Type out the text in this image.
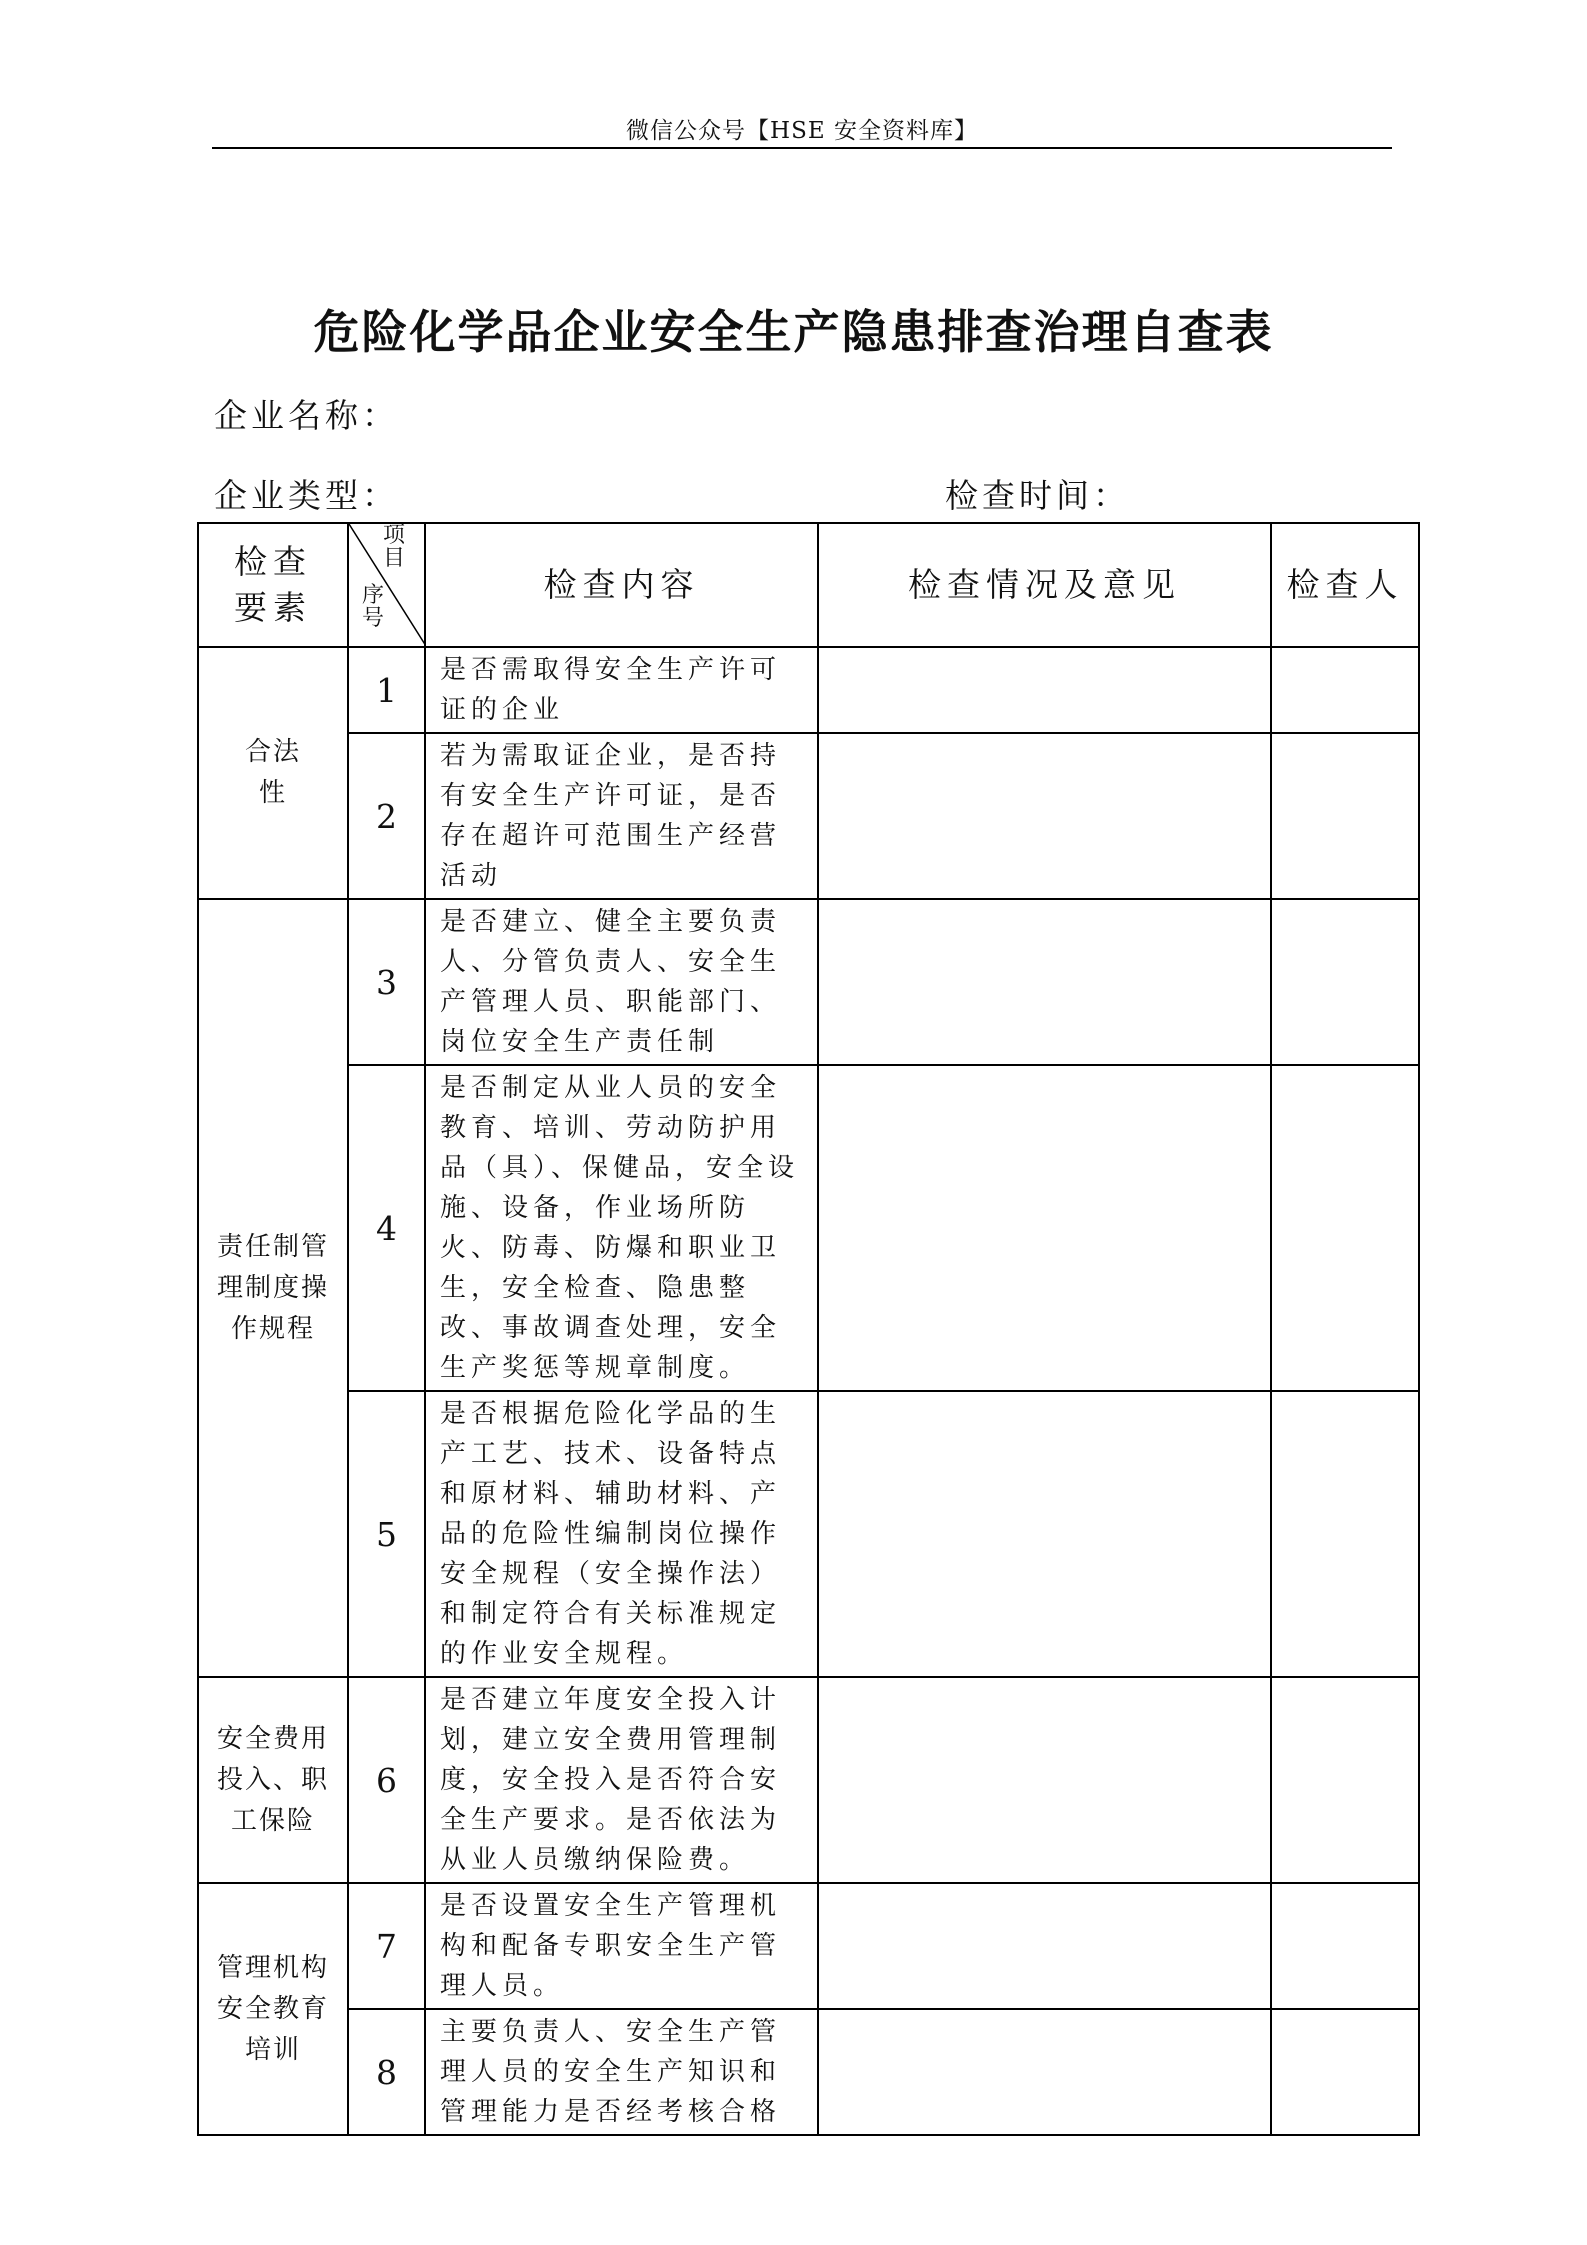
微信公众号【HSE 安全资料库】
危险化学品企业安全生产隐患排查治理自查表
企业名称：
企业类型：	检查时间：
检查要素	项目
序号	检查内容	检查情况及意见	检查人

合法性	1	是否需取得安全生产许可证的企业		
	2	若为需取证企业，是否持有安全生产许可证，是否存在超许可范围生产经营活动		

责任制管理制度操作规程	3	是否建立、健全主要负责人、分管负责人、安全生产管理人员、职能部门、岗位安全生产责任制		
	4	是否制定从业人员的安全教育、培训、劳动防护用品（具）、保健品，安全设施、设备，作业场所防火、防毒、防爆和职业卫生，安全检查、隐患整改、事故调查处理，安全生产奖惩等规章制度。		
	5	是否根据危险化学品的生产工艺、技术、设备特点和原材料、辅助材料、产品的危险性编制岗位操作安全规程（安全操作法）和制定符合有关标准规定的作业安全规程。		

安全费用投入、职工保险	6	是否建立年度安全投入计划，建立安全费用管理制度，安全投入是否符合安全生产要求。是否依法为从业人员缴纳保险费。		

管理机构安全教育培训	7	是否设置安全生产管理机构和配备专职安全生产管理人员。		
	8	主要负责人、安全生产管理人员的安全生产知识和管理能力是否经考核合格		
